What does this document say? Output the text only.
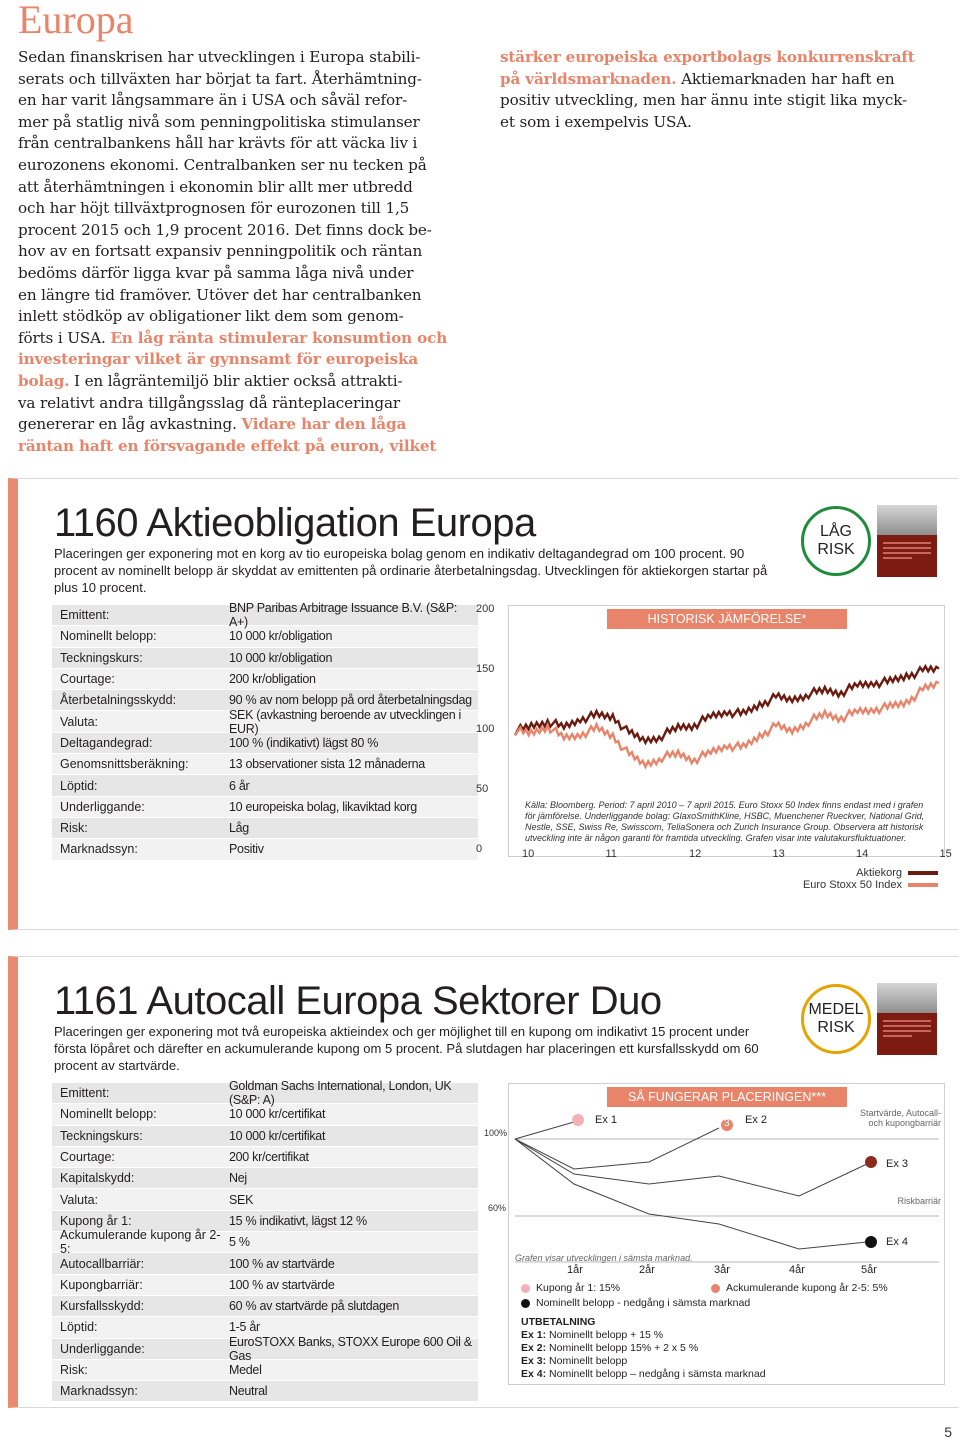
Europa

Sedan finanskrisen har utvecklingen i Europa stabili-

serats och tillväxten har börjat ta fart. Återhämtning-

en har varit långsammare än i USA och såväl refor-

mer på statlig nivå som penningpolitiska stimulanser

från centralbankens håll har krävts för att väcka liv i

eurozonens ekonomi. Centralbanken ser nu tecken på

att återhämtningen i ekonomin blir allt mer utbredd

och har höjt tillväxtprognosen för eurozonen till 1,5

procent 2015 och 1,9 procent 2016. Det finns dock be-

hov av en fortsatt expansiv penningpolitik och räntan

bedöms därför ligga kvar på samma låga nivå under

en längre tid framöver. Utöver det har centralbanken

inlett stödköp av obligationer likt dem som genom-

förts i USA. En låg ränta stimulerar konsumtion och

investeringar vilket är gynnsamt för europeiska

bolag. I en lågräntemiljö blir aktier också attrakti-

va relativt andra tillgångsslag då ränteplaceringar

genererar en låg avkastning. Vidare har den låga

räntan haft en försvagande effekt på euron, vilket

stärker europeiska exportbolags konkurrenskraft

på världsmarknaden. Aktiemarknaden har haft en

positiv utveckling, men har ännu inte stigit lika myck-

et som i exempelvis USA.

1160 Aktieobligation Europa
Placeringen ger exponering mot en korg av tio europeiska bolag genom en indikativ deltagandegrad om 100 procent. 90 procent av nominellt belopp är skyddat av emittenten på ordinarie återbetalningsdag. Utvecklingen för aktiekorgen startar på plus 10 procent.
LÅG
RISK
Emittent:	BNP Paribas Arbitrage Issuance B.V. (S&P: A+)
Nominellt belopp:	10 000 kr/obligation
Teckningskurs:	10 000 kr/obligation
Courtage:	200 kr/obligation
Återbetalningsskydd:	90 % av nom belopp på ord återbetalningsdag
Valuta:	SEK (avkastning beroende av utvecklingen i EUR)
Deltagandegrad:	100 % (indikativt) lägst 80 %
Genomsnittsberäkning:	13 observationer sista 12 månaderna
Löptid:	6 år
Underliggande:	10 europeiska bolag, likaviktad korg
Risk:	Låg
Marknadssyn:	Positiv
200
150
100
50
0
HISTORISK JÄMFÖRELSE*
Källa: Bloomberg. Period: 7 april 2010 – 7 april 2015. Euro Stoxx 50 Index finns endast med i grafen för jämförelse. Underliggande bolag: GlaxoSmithKline, HSBC, Muenchener Rueckver, National Grid, Nestle, SSE, Swiss Re, Swisscom, TeliaSonera och Zurich Insurance Group. Observera att historisk utveckling inte är någon garanti för framtida utveckling. Grafen visar inte valutakursfluktuationer.
10	11	12	13	14	15
Aktiekorg
Euro Stoxx 50 Index
1161 Autocall Europa Sektorer Duo
Placeringen ger exponering mot två europeiska aktieindex och ger möjlighet till en kupong om indikativt 15 procent under första löpåret och därefter en ackumulerande kupong om 5 procent. På slutdagen har placeringen ett kursfallsskydd om 60 procent av startvärde.
MEDEL
RISK
Emittent:	Goldman Sachs International, London, UK (S&P: A)
Nominellt belopp:	10 000 kr/certifikat
Teckningskurs:	10 000 kr/certifikat
Courtage:	200 kr/certifikat
Kapitalskydd:	Nej
Valuta:	SEK
Kupong år 1:	15 % indikativt, lägst 12 %
Ackumulerande kupong år 2-5:
5 %
Autocallbarriär:	100 % av startvärde
Kupongbarriär:	100 % av startvärde
Kursfallsskydd:	60 % av startvärde på slutdagen
Löptid:	1-5 år
Underliggande:	EuroSTOXX Banks, STOXX Europe 600 Oil & Gas
Risk:	Medel
Marknadssyn:	Neutral
100%
60%
SÅ FUNGERAR PLACERINGEN***
Ex 1	3 Ex 2
Ex 3
Ex 4
Startvärde, Autocall- och kupongbarriär
Riskbarriär
Grafen visar utvecklingen i sämsta marknad.
1år	2år	3år	4år	5år
Kupong år 1: 15%	Ackumulerande kupong år 2-5: 5%
Nominellt belopp - nedgång i sämsta marknad
UTBETALNING
Ex 1: Nominellt belopp + 15 %
Ex 2: Nominellt belopp 15% + 2 x 5 %
Ex 3: Nominellt belopp
Ex 4: Nominellt belopp – nedgång i sämsta marknad
5
